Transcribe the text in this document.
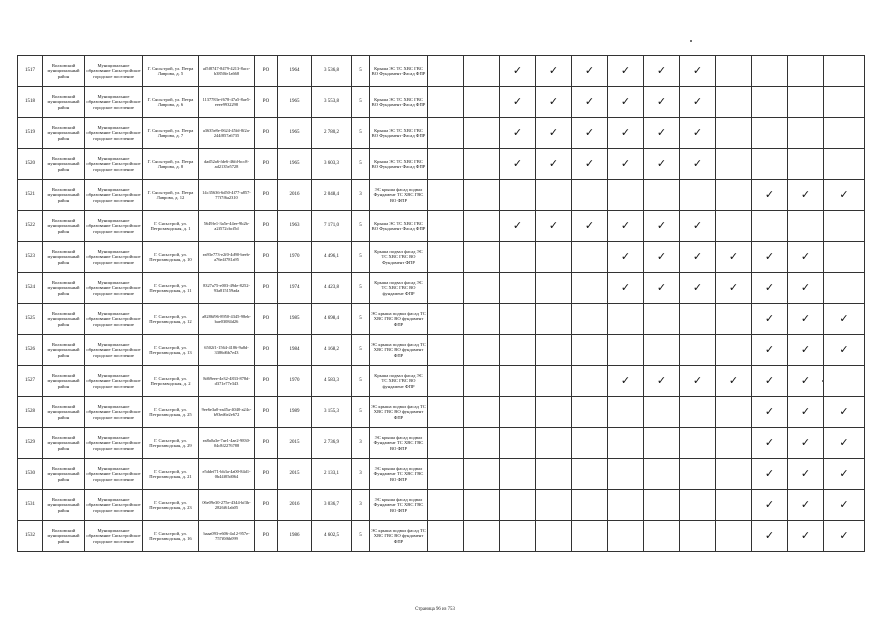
1517	Волховский муниципальный район	Муниципальное образование Сясьстройское городское поселение	Г. Сясьстрой, ул. Петра Лаврова, д. 5	af5f8747-8479-4213-8acc-b3850fe1a668	РО	1964	3 536,8	5	Крыша ЭС ТС ХВС ГВС ВО Фундамент Фасад ФПР			✓	✓	✓	✓	✓	✓				
1518	Волховский муниципальный район	Муниципальное образование Сясьстройское городское поселение	Г. Сясьстрой, ул. Петра Лаврова, д. 6	1137783e-f678-47a5-8ae5-eeee9932298	РО	1965	3 553,8	5	Крыша ЭС ТС ХВС ГВС ВО Фундамент Фасад ФПР			✓	✓	✓	✓	✓	✓				
1519	Волховский муниципальный район	Муниципальное образование Сясьстройское городское поселение	Г. Сясьстрой, ул. Петра Лаврова, д. 7	a3635e8e-0624-45fd-8f2a-244f857a6735	РО	1965	2 780,2	5	Крыша ЭС ТС ХВС ГВС ВО Фундамент Фасад ФПР			✓	✓	✓	✓	✓	✓				
1520	Волховский муниципальный район	Муниципальное образование Сясьстройское городское поселение	Г. Сясьстрой, ул. Петра Лаврова, д. 8	dad52a6-fde6-46fd-bcc8-ad2135e5728	РО	1965	3 603,3	5	Крыша ЭС ТС ХВС ГВС ВО Фундамент Фасад ФПР			✓	✓	✓	✓	✓	✓				
1521	Волховский муниципальный район	Муниципальное образование Сясьстройское городское поселение	Г. Сясьстрой, ул. Петра Лаврова, д. 12	14c35636-6d50-4f77-a857-77f7f6a2310	РО	2016	2 048,4	3	ЭС крыша фасад подвал Фундамент ТС ХВС ГВС ВО ФПР										✓	✓	✓
1522	Волховский муниципальный район	Муниципальное образование Сясьстройское городское поселение	Г. Сясьстрой, ул. Петрозаводская, д. 1	5649fe1-3a5e-44ee-9b2b-a2f572cbcf5d	РО	1963	7 171,0	5	Крыша ЭС ТС ХВС ГВС ВО Фундамент Фасад ФПР			✓	✓	✓	✓	✓	✓				
1523	Волховский муниципальный район	Муниципальное образование Сясьстройское городское поселение	Г. Сясьстрой, ул. Петрозаводская, д. 10	ea93e773-e2f0-4d90-beeb-a76e4f781a95	РО	1970	4 496,1	5	Крыша подвал фасад ЭС ТС ХВС ГВС ВО Фундамент ФПР						✓	✓	✓	✓	✓	✓	
1524	Волховский муниципальный район	Муниципальное образование Сясьстройское городское поселение	Г. Сясьстрой, ул. Петрозаводская, д. 11	8327a75-e003-49de-8252-93a815159ada	РО	1974	4 423,8	5	Крыша подвал фасад ЭС ТС ХВС ГВС ВО фундамент ФПР						✓	✓	✓	✓	✓	✓	
1525	Волховский муниципальный район	Муниципальное образование Сясьстройское городское поселение	Г. Сясьстрой, ул. Петрозаводская, д. 12	a8286f96-8950-4345-98eb-bae03084d26	РО	1985	4 698,4	5	ЭС крыша подвал фасад ТС ХВС ГВС ВО фундамент ФПР										✓	✓	✓
1526	Волховский муниципальный район	Муниципальное образование Сясьстройское городское поселение	Г. Сясьстрой, ул. Петрозаводская, д. 13	6502f1-1564-4186-9a8d-3386d6b7e43	РО	1984	4 168,2	5	ЭС крыша подвал фасад ТС ХВС ГВС ВО фундамент ФПР										✓	✓	✓
1527	Волховский муниципальный район	Муниципальное образование Сясьстройское городское поселение	Г. Сясьстрой, ул. Петрозаводская, д. 2	8d69eee-4e32-4833-878d-d371e77e343	РО	1970	4 583,3	5	Крыша подвал фасад ЭС ТС ХВС ГВС ВО фундамент ФПР						✓	✓	✓	✓	✓	✓	
1528	Волховский муниципальный район	Муниципальное образование Сясьстройское городское поселение	Г. Сясьстрой, ул. Петрозаводская, д. 25	9ee6e3a0-ea45a-4040-a24c-b93ed6e2e672	РО	1989	3 155,3	5	ЭС крыша подвал фасад ТС ХВС ГВС ВО фундамент ФПР										✓	✓	✓
1529	Волховский муниципальный район	Муниципальное образование Сясьстройское городское поселение	Г. Сясьстрой, ул. Петрозаводская, д. 29	ea8a0a3e-7ae1-4ae2-9830-04c8f2276788	РО	2015	2 736,9	3	ЭС крыша фасад подвал Фундамент ТС ХВС ГВС ВО ФПР										✓	✓	✓
1530	Волховский муниципальный район	Муниципальное образование Сясьстройское городское поселение	Г. Сясьстрой, ул. Петрозаводская, д. 21	e5ddef71-bb3a-4a00-84d1-0b44f05d064	РО	2015	2 133,1	3	ЭС крыша фасад подвал Фундамент ТС ХВС ГВС ВО ФПР										✓	✓	✓
1531	Волховский муниципальный район	Муниципальное образование Сясьстройское городское поселение	Г. Сясьстрой, ул. Петрозаводская, д. 23	06e09e30-275e-4344-bf3b-2826f61ab05	РО	2016	3 036,7	3	ЭС крыша фасад подвал Фундамент ТС ХВС ГВС ВО ФПР										✓	✓	✓
1532	Волховский муниципальный район	Муниципальное образование Сясьстройское городское поселение	Г. Сясьстрой, ул. Петрозаводская, д. 16	baaa093-e606-4a12-957e-757f0f6b099	РО	1986	4 602,5	5	ЭС крыша подвал фасад ТС ХВС ГВС ВО фундамент ФПР										✓	✓	✓
Страница 96 из 753
